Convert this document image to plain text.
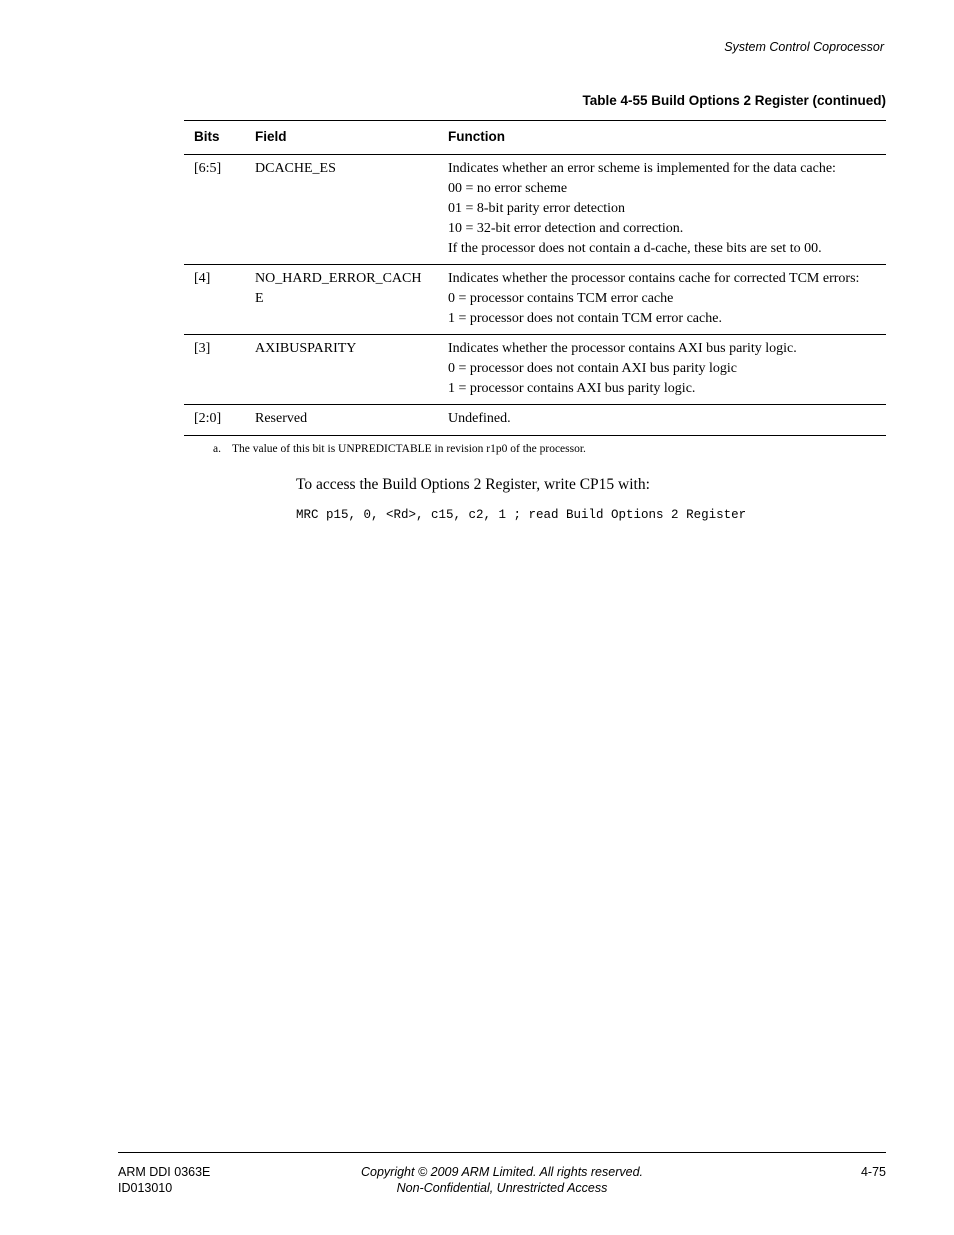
System Control Coprocessor
Table 4-55 Build Options 2 Register (continued)
Bits	Field	Function
[6:5]	DCACHE_ES	Indicates whether an error scheme is implemented for the data cache:
00 = no error scheme
01 = 8-bit parity error detection
10 = 32-bit error detection and correction.
If the processor does not contain a d-cache, these bits are set to 00.

[4]	NO_HARD_ERROR_CACHE	Indicates whether the processor contains cache for corrected TCM errors:
0 = processor contains TCM error cache
1 = processor does not contain TCM error cache.

[3]	AXIBUSPARITY	Indicates whether the processor contains AXI bus parity logic.
0 = processor does not contain AXI bus parity logic
1 = processor contains AXI bus parity logic.

[2:0]	Reserved	Undefined.
a. The value of this bit is UNPREDICTABLE in revision r1p0 of the processor.
To access the Build Options 2 Register, write CP15 with:
MRC p15, 0, <Rd>, c15, c2, 1 ; read Build Options 2 Register
ARM DDI 0363E
ID013010
Copyright © 2009 ARM Limited. All rights reserved.
Non-Confidential, Unrestricted Access
4-75
